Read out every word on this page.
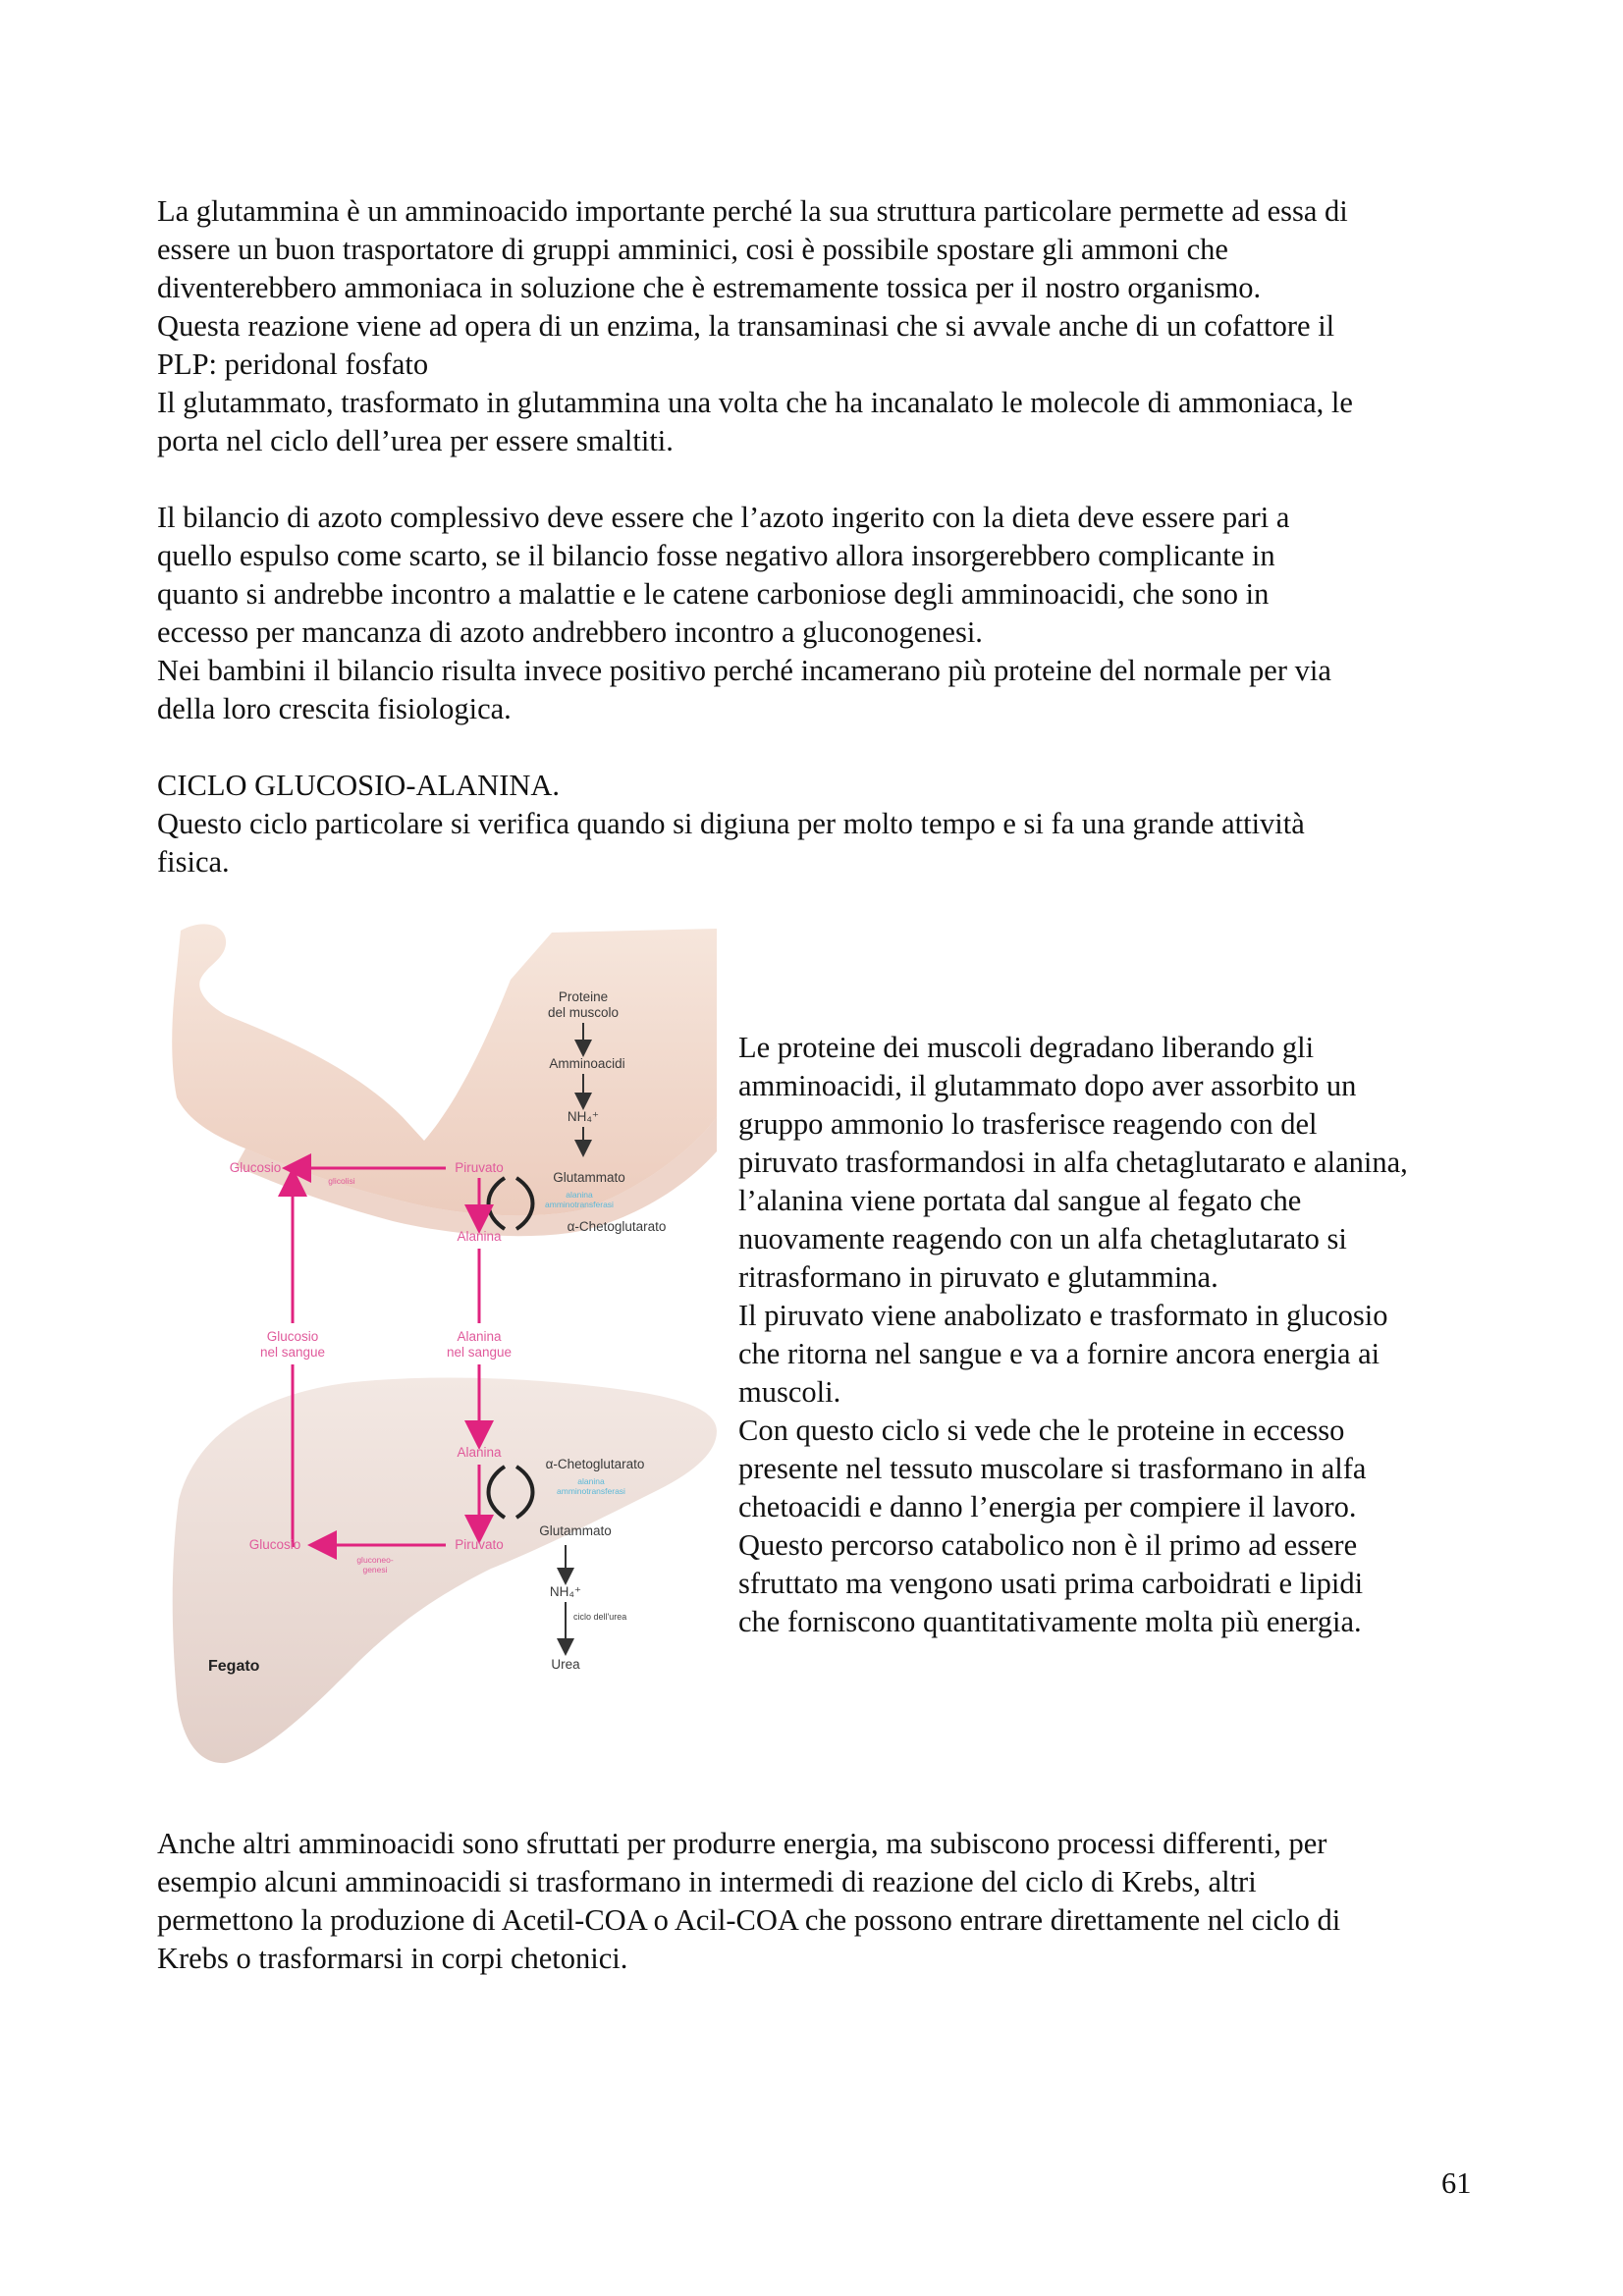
La glutammina è un amminoacido importante perché la sua struttura particolare permette ad essa di
essere un buon trasportatore di gruppi amminici, cosi è possibile spostare gli ammoni che
diventerebbero ammoniaca in soluzione che è estremamente tossica per il nostro organismo.
Questa reazione viene ad opera di un enzima, la transaminasi che si avvale anche di un cofattore il
PLP: peridonal fosfato
Il glutammato, trasformato in glutammina una volta che ha incanalato le molecole di ammoniaca, le
porta nel ciclo dell’urea per essere smaltiti.

Il bilancio di azoto complessivo deve essere che l’azoto ingerito con la dieta deve essere pari a
quello espulso come scarto, se il bilancio fosse negativo allora insorgerebbero complicante in
quanto si andrebbe incontro a malattie e le catene carboniose degli amminoacidi, che sono in
eccesso per mancanza di azoto andrebbero incontro a gluconogenesi.
Nei bambini il bilancio risulta invece positivo perché incamerano più proteine del normale per via
della loro crescita fisiologica.

CICLO GLUCOSIO-ALANINA.
Questo ciclo particolare si verifica quando si digiuna per molto tempo e si fa una grande attività
fisica.

Proteine
del muscolo
Amminoacidi
NH₄⁺
Glucosio
glicolisi
Piruvato
Glutammato
alanina
amminotransferasi
α-Chetoglutarato
Alanina
Alanina
nel sangue
Glucosio
nel sangue
Alanina
α-Chetoglutarato
alanina
amminotransferasi
Piruvato
Glutammato
Glucosio
gluconeo-
genesi
NH₄⁺
ciclo dell'urea
Urea
Fegato

Le proteine dei muscoli degradano liberando gli
amminoacidi, il glutammato dopo aver assorbito un
gruppo ammonio lo trasferisce reagendo con del
piruvato trasformandosi in alfa chetaglutarato e alanina,
l’alanina viene portata dal sangue al fegato che
nuovamente reagendo con un alfa chetaglutarato si
ritrasformano in piruvato e glutammina.
Il piruvato viene anabolizato e trasformato in glucosio
che ritorna nel sangue e va a fornire ancora energia ai
muscoli.
Con questo ciclo si vede che le proteine in eccesso
presente nel tessuto muscolare si trasformano in alfa
chetoacidi e danno l’energia per compiere il lavoro.
Questo percorso catabolico non è il primo ad essere
sfruttato ma vengono usati prima carboidrati e lipidi
che forniscono quantitativamente molta più energia.

Anche altri amminoacidi sono sfruttati per produrre energia, ma subiscono processi differenti, per
esempio alcuni amminoacidi si trasformano in intermedi di reazione del ciclo di Krebs, altri
permettono la produzione di Acetil-COA o Acil-COA che possono entrare direttamente nel ciclo di
Krebs o trasformarsi in corpi chetonici.

61
